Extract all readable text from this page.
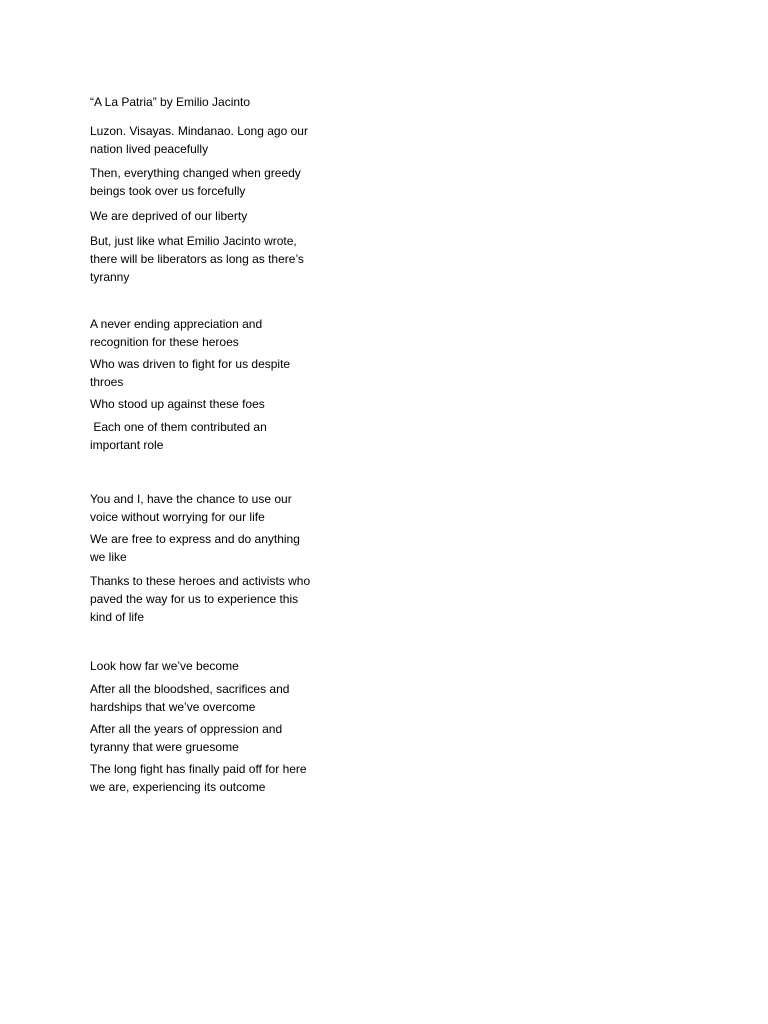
“A La Patria” by Emilio Jacinto

Luzon. Visayas. Mindanao. Long ago our

nation lived peacefully

Then, everything changed when greedy

beings took over us forcefully

We are deprived of our liberty

But, just like what Emilio Jacinto wrote,

there will be liberators as long as there’s

tyranny

A never ending appreciation and

recognition for these heroes

Who was driven to fight for us despite

throes

Who stood up against these foes

Each one of them contributed an

important role

You and I, have the chance to use our

voice without worrying for our life

We are free to express and do anything

we like

Thanks to these heroes and activists who

paved the way for us to experience this

kind of life

Look how far we’ve become

After all the bloodshed, sacrifices and

hardships that we’ve overcome

After all the years of oppression and

tyranny that were gruesome

The long fight has finally paid off for here

we are, experiencing its outcome
